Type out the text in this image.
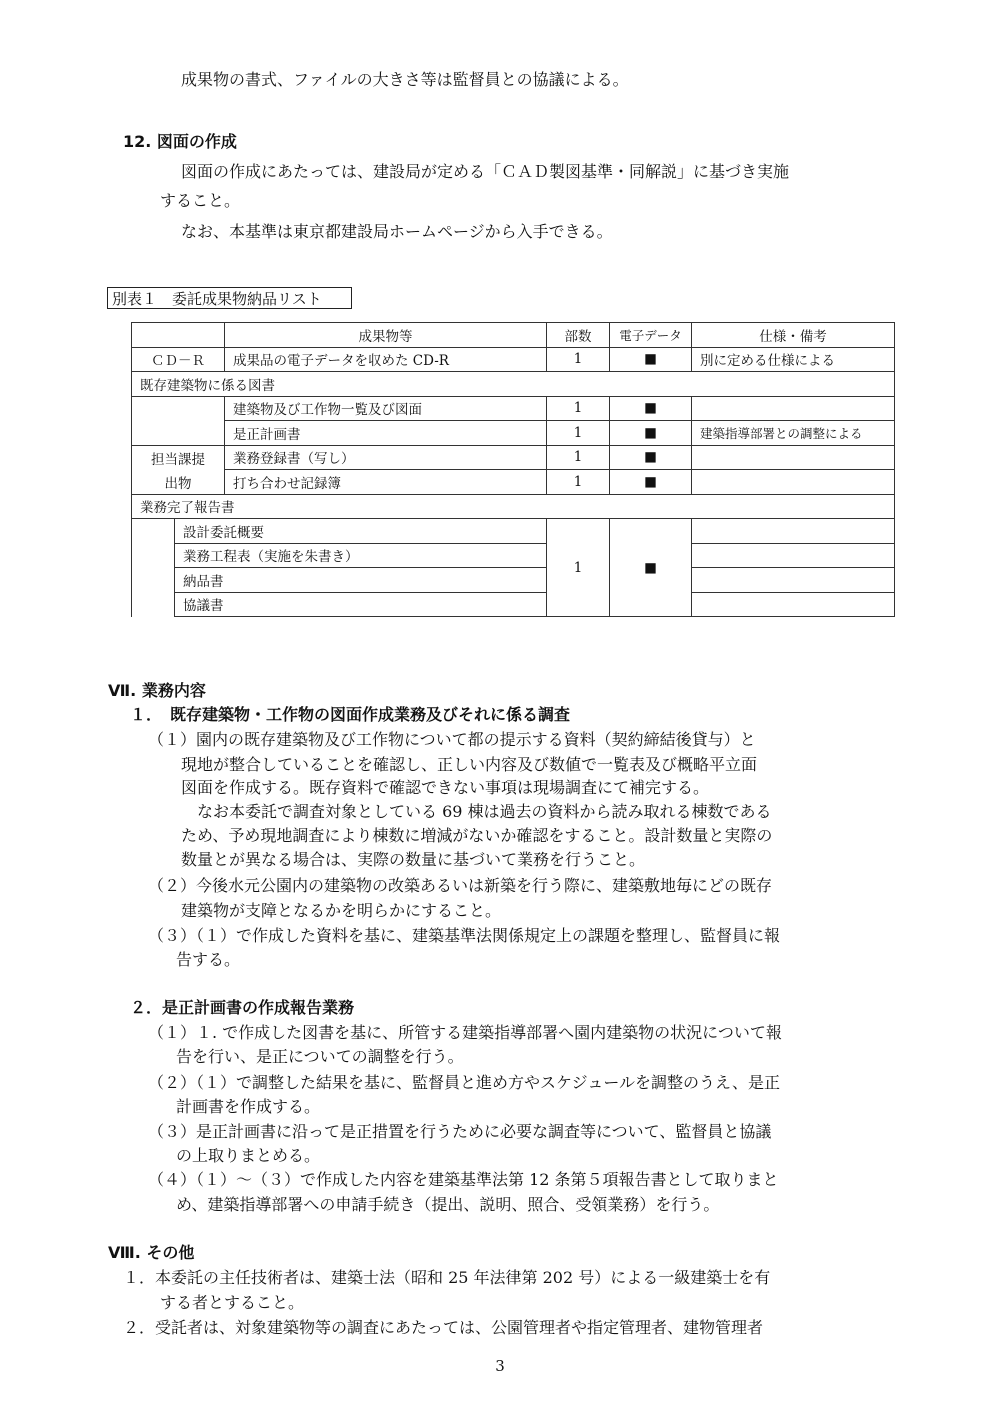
成果物の書式、ファイルの大きさ等は監督員との協議による。
12. 図面の作成
図面の作成にあたっては、建設局が定める「ＣＡＤ製図基準・同解説」に基づき実施
すること。
なお、本基準は東京都建設局ホームページから入手できる。
別表１　委託成果物納品リスト
		成果物等	部数	電子データ	仕様・備考
ＣＤ－Ｒ		成果品の電子データを収めた CD-R	1	■	別に定める仕様による
既存建築物に係る図書					
		建築物及び工作物一覧及び図面	1	■	
		是正計画書	1	■	建築指導部署との調整による
担当課提		業務登録書（写し）	1	■	
出物		打ち合わせ記録簿	1	■	
業務完了報告書					
	設計委託概要		1	■	
	業務工程表（実施を朱書き）				
	納品書				
	協議書				
Ⅶ. 業務内容
１．　既存建築物・工作物の図面作成業務及びそれに係る調査
（１）園内の既存建築物及び工作物について都の提示する資料（契約締結後貸与）と
現地が整合していることを確認し、正しい内容及び数値で一覧表及び概略平立面
図面を作成する。既存資料で確認できない事項は現場調査にて補完する。
なお本委託で調査対象としている 69 棟は過去の資料から読み取れる棟数である
ため、予め現地調査により棟数に増減がないか確認をすること。設計数量と実際の
数量とが異なる場合は、実際の数量に基づいて業務を行うこと。
（２）今後水元公園内の建築物の改築あるいは新築を行う際に、建築敷地毎にどの既存
建築物が支障となるかを明らかにすること。
（３）（１）で作成した資料を基に、建築基準法関係規定上の課題を整理し、監督員に報
告する。
２．是正計画書の作成報告業務
（１）１. で作成した図書を基に、所管する建築指導部署へ園内建築物の状況について報
告を行い、是正についての調整を行う。
（２）（１）で調整した結果を基に、監督員と進め方やスケジュールを調整のうえ、是正
計画書を作成する。
（３）是正計画書に沿って是正措置を行うために必要な調査等について、監督員と協議
の上取りまとめる。
（４）（１）～（３）で作成した内容を建築基準法第 12 条第５項報告書として取りまと
め、建築指導部署への申請手続き（提出、説明、照合、受領業務）を行う。
Ⅷ. その他
１．本委託の主任技術者は、建築士法（昭和 25 年法律第 202 号）による一級建築士を有
する者とすること。
２．受託者は、対象建築物等の調査にあたっては、公園管理者や指定管理者、建物管理者
3
